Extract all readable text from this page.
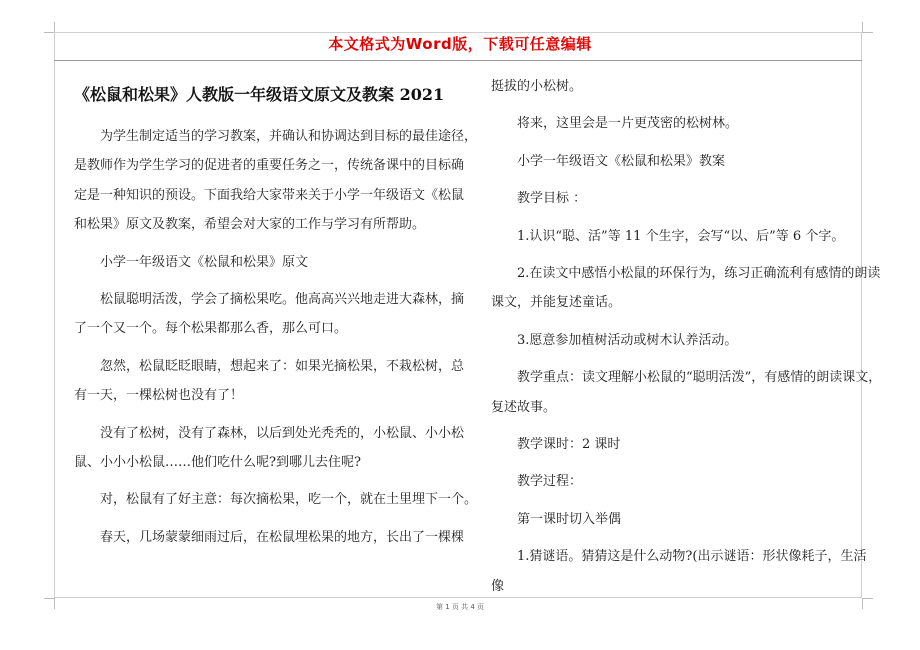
本文格式为Word版，下载可任意编辑
《松鼠和松果》人教版一年级语文原文及教案 2021

为学生制定适当的学习教案，并确认和协调达到目标的最佳途径，
是教师作为学生学习的促进者的重要任务之一，传统备课中的目标确
定是一种知识的预设。下面我给大家带来关于小学一年级语文《松鼠
和松果》原文及教案，希望会对大家的工作与学习有所帮助。

小学一年级语文《松鼠和松果》原文

松鼠聪明活泼，学会了摘松果吃。他高高兴兴地走进大森林，摘
了一个又一个。每个松果都那么香，那么可口。

忽然，松鼠眨眨眼睛，想起来了：如果光摘松果，不栽松树，总
有一天，一棵松树也没有了！

没有了松树，没有了森林，以后到处光秃秃的，小松鼠、小小松
鼠、小小小松鼠……他们吃什么呢?到哪儿去住呢?

对，松鼠有了好主意：每次摘松果，吃一个，就在土里埋下一个。

春天，几场蒙蒙细雨过后，在松鼠埋松果的地方，长出了一棵棵

挺拔的小松树。

将来，这里会是一片更茂密的松树林。

小学一年级语文《松鼠和松果》教案

教学目标 ：

1.认识“聪、活”等 11 个生字，会写“以、后”等 6 个字。

2.在读文中感悟小松鼠的环保行为，练习正确流利有感情的朗读
课文，并能复述童话。

3.愿意参加植树活动或树木认养活动。

教学重点：读文理解小松鼠的“聪明活泼”，有感情的朗读课文，
复述故事。

教学课时：2 课时

教学过程：

第一课时切入举偶

1.猜谜语。猜猜这是什么动物?(出示谜语：形状像耗子，生活像

第 1 页 共 4 页
